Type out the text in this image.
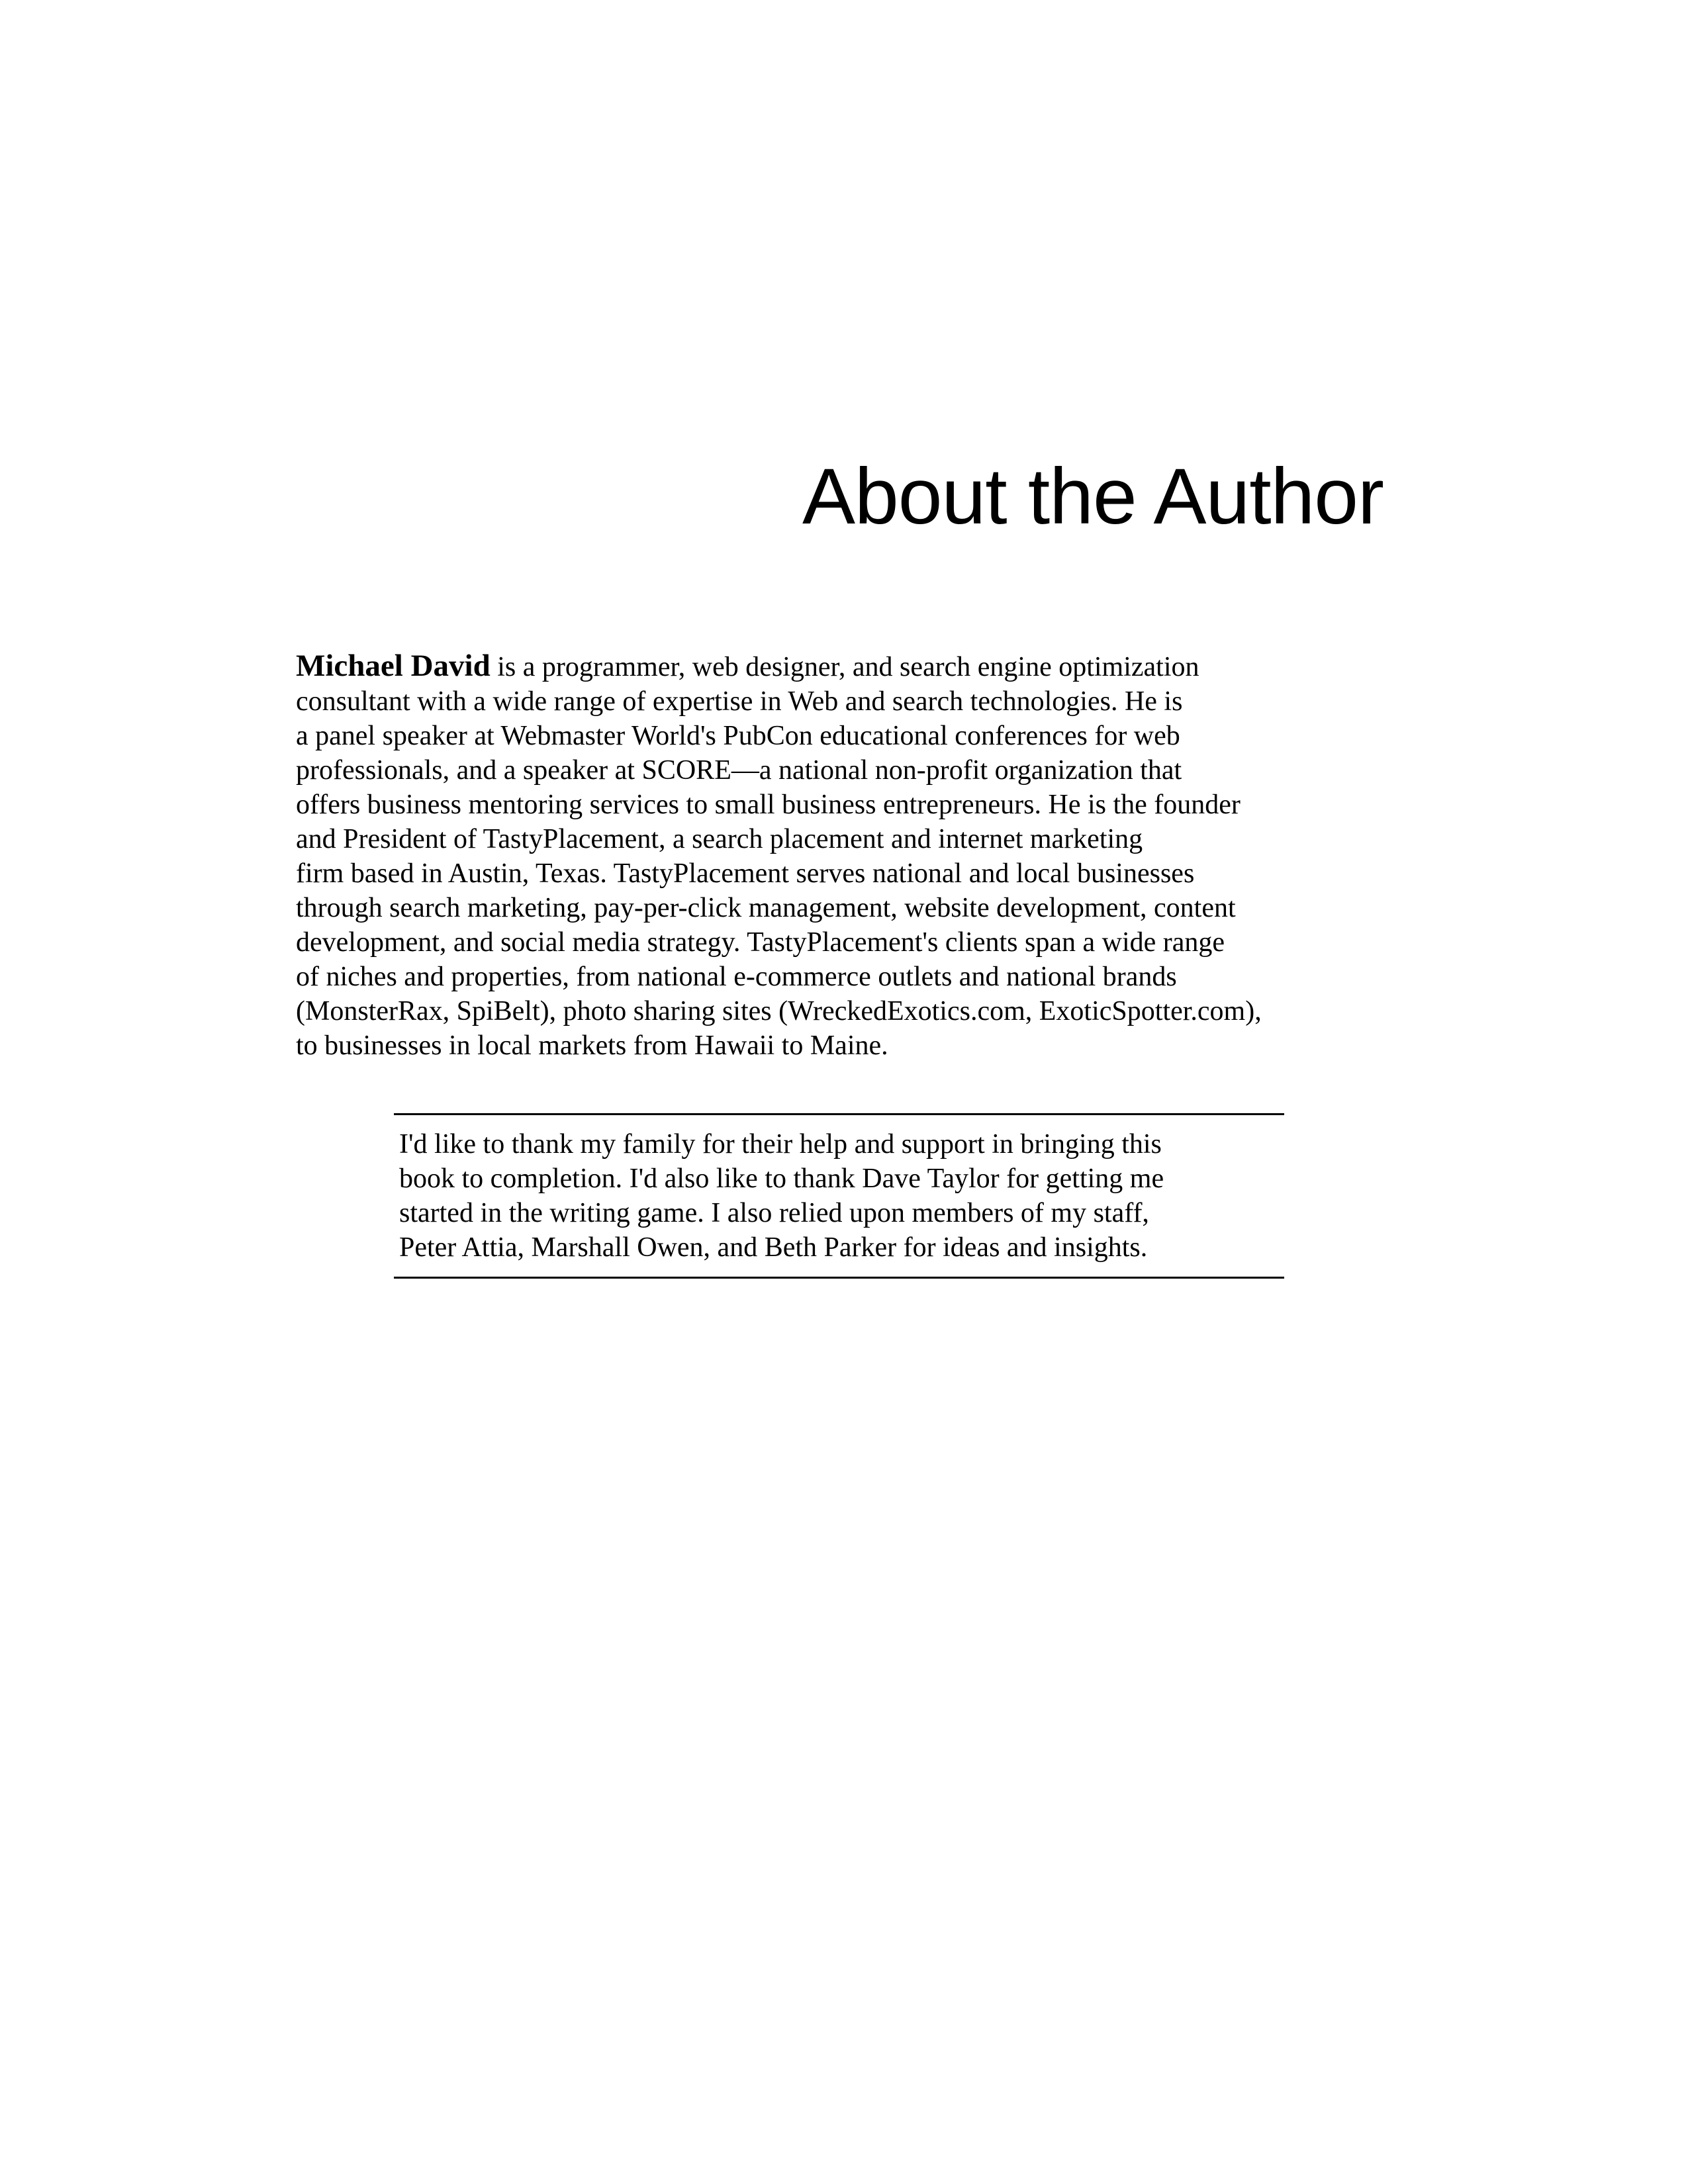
About the Author

Michael David is a programmer, web designer, and search engine optimization
consultant with a wide range of expertise in Web and search technologies. He is
a panel speaker at Webmaster World's PubCon educational conferences for web
professionals, and a speaker at SCORE—a national non-profit organization that
offers business mentoring services to small business entrepreneurs. He is the founder
and President of TastyPlacement, a search placement and internet marketing
firm based in Austin, Texas. TastyPlacement serves national and local businesses
through search marketing, pay-per-click management, website development, content
development, and social media strategy. TastyPlacement's clients span a wide range
of niches and properties, from national e-commerce outlets and national brands
(MonsterRax, SpiBelt), photo sharing sites (WreckedExotics.com, ExoticSpotter.com),
to businesses in local markets from Hawaii to Maine.

I'd like to thank my family for their help and support in bringing this
book to completion. I'd also like to thank Dave Taylor for getting me
started in the writing game. I also relied upon members of my staff,
Peter Attia, Marshall Owen, and Beth Parker for ideas and insights.
